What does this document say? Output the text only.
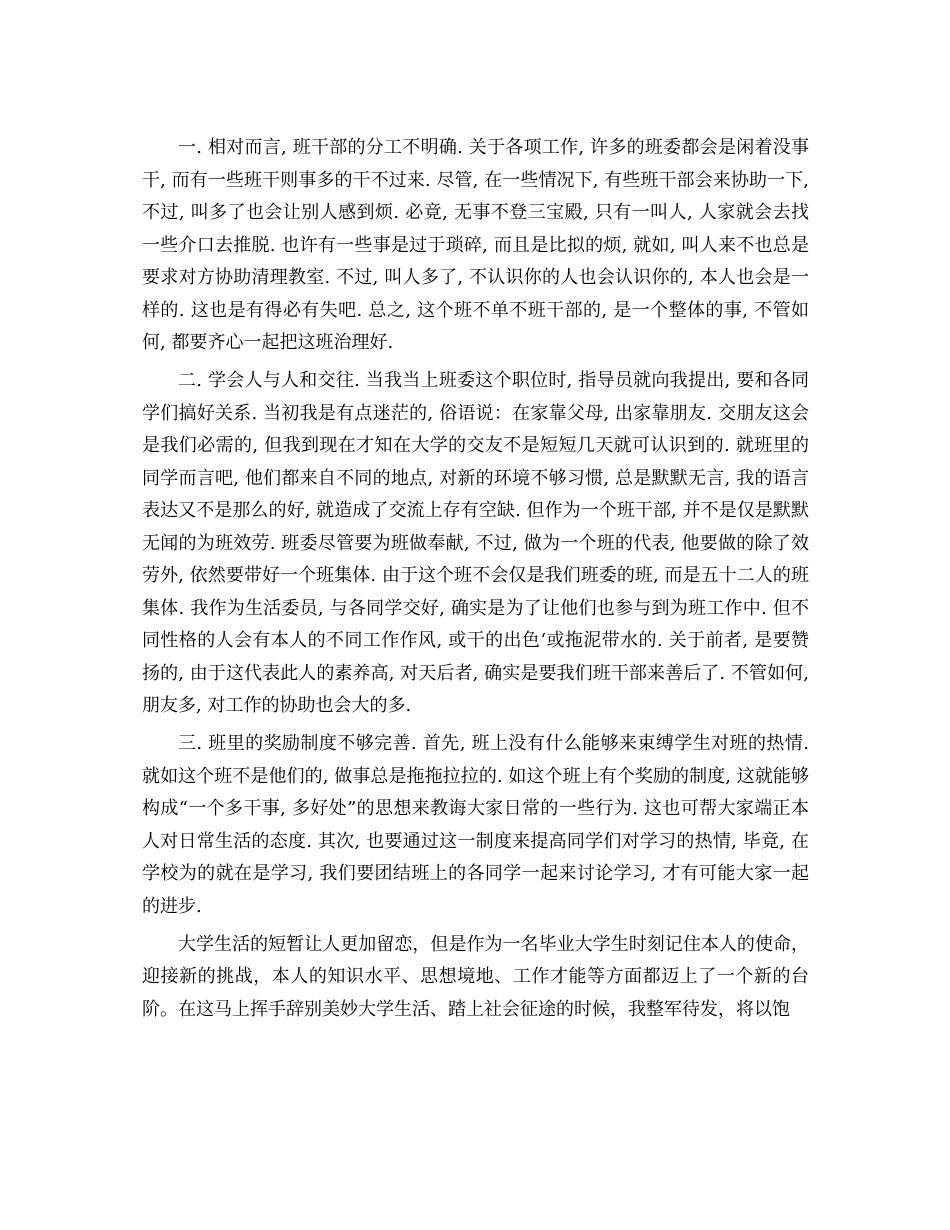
一. 相对而言, 班干部的分工不明确. 关于各项工作, 许多的班委都会是闲着没事干, 而有一些班干则事多的干不过来. 尽管, 在一些情况下, 有些班干部会来协助一下, 不过, 叫多了也会让别人感到烦. 必竟, 无事不登三宝殿, 只有一叫人, 人家就会去找一些介口去推脱. 也许有一些事是过于琐碎, 而且是比拟的烦, 就如, 叫人来不也总是要求对方协助清理教室. 不过, 叫人多了, 不认识你的人也会认识你的, 本人也会是一样的. 这也是有得必有失吧. 总之, 这个班不单不班干部的, 是一个整体的事, 不管如何, 都要齐心一起把这班治理好.

二. 学会人与人和交往. 当我当上班委这个职位时, 指导员就向我提出, 要和各同学们搞好关系. 当初我是有点迷茫的, 俗语说：在家靠父母, 出家靠朋友. 交朋友这会是我们必需的, 但我到现在才知在大学的交友不是短短几天就可认识到的. 就班里的同学而言吧, 他们都来自不同的地点, 对新的环境不够习惯, 总是默默无言, 我的语言表达又不是那么的好, 就造成了交流上存有空缺. 但作为一个班干部, 并不是仅是默默无闻的为班效劳. 班委尽管要为班做奉献, 不过, 做为一个班的代表, 他要做的除了效劳外, 依然要带好一个班集体. 由于这个班不会仅是我们班委的班, 而是五十二人的班集体. 我作为生活委员, 与各同学交好, 确实是为了让他们也参与到为班工作中. 但不同性格的人会有本人的不同工作作风, 或干的出色‘或拖泥带水的. 关于前者, 是要赞扬的, 由于这代表此人的素养高, 对天后者, 确实是要我们班干部来善后了. 不管如何, 朋友多, 对工作的协助也会大的多.

三. 班里的奖励制度不够完善. 首先, 班上没有什么能够来束缚学生对班的热情. 就如这个班不是他们的, 做事总是拖拖拉拉的. 如这个班上有个奖励的制度, 这就能够构成“一个多干事, 多好处”的思想来教诲大家日常的一些行为. 这也可帮大家端正本人对日常生活的态度. 其次, 也要通过这一制度来提高同学们对学习的热情, 毕竟, 在学校为的就在是学习, 我们要团结班上的各同学一起来讨论学习, 才有可能大家一起的进步.

大学生活的短暂让人更加留恋，但是作为一名毕业大学生时刻记住本人的使命，迎接新的挑战，本人的知识水平、思想境地、工作才能等方面都迈上了一个新的台阶。在这马上挥手辞别美妙大学生活、踏上社会征途的时候，我整军待发，将以饱
